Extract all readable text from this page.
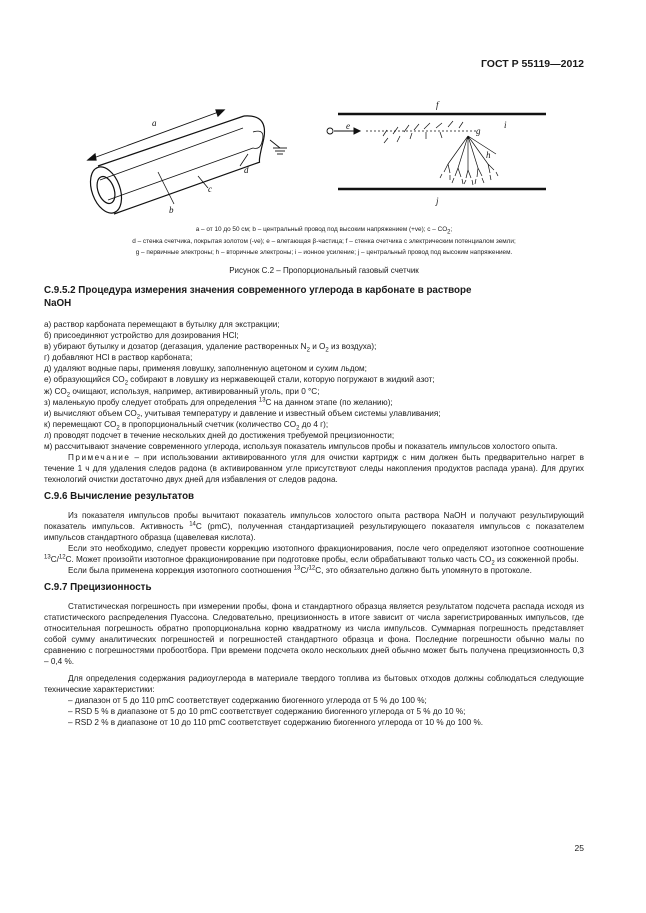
ГОСТ Р 55119—2012
a
b
c
d
f
e	g
h
i
j
a – от 10 до 50 см; b – центральный провод под высоким напряжением (+ve); c – $CO_2$;
d – стенка счетчика, покрытая золотом (-ve); e – влетающая β-частица; f – стенка счетчика с электрическим потенциалом земли;
g – первичные электроны; h – вторичные электроны; i – ионное усиление; j – центральный провод под высоким напряжением.
Рисунок С.2 – Пропорциональный газовый счетчик

С.9.5.2 Процедура измерения значения современного углерода в карбонате в растворе
NaOH

а) раствор карбоната перемещают в бутылку для экстракции;

б) присоединяют устройство для дозирования HCl;

в) убирают бутылку и дозатор (дегазация, удаление растворенных $N_2$ и $O_2$ из воздуха);

г) добавляют HCl в раствор карбоната;

д) удаляют водные пары, применяя ловушку, заполненную ацетоном и сухим льдом;

е) образующийся $CO_2$ собирают в ловушку из нержавеющей стали, которую погружают в жидкий азот;

ж) $CO_2$ очищают, используя, например, активированный уголь, при 0 °С;

з) маленькую пробу следует отобрать для определения $^{13}$С на данном этапе (по желанию);

и) вычисляют объем $CO_2$, учитывая температуру и давление и известный объем системы улавливания;

к) перемещают $CO_2$ в пропорциональный счетчик (количество $CO_2$ до 4 г);

л) проводят подсчет в течение нескольких дней до достижения требуемой прецизионности;

м) рассчитывают значение современного углерода, используя показатель импульсов пробы и показатель импульсов холостого опыта.

Примечание – при использовании активированного угля для очистки картридж с ним должен быть предварительно нагрет в течение 1 ч для удаления следов радона (в активированном угле присутствуют следы накопления продуктов распада урана). Для других технологий очистки достаточно двух дней для избавления от следов радона.

С.9.6 Вычисление результатов

Из показателя импульсов пробы вычитают показатель импульсов холостого опыта раствора NaOH и получают результирующий показатель импульсов. Активность $^{14}$С (pmC), полученная стандартизацией результирующего показателя импульсов с показателем импульсов стандартного образца (щавелевая кислота).

Если это необходимо, следует провести коррекцию изотопного фракционирования, после чего определяют изотопное соотношение $^{13}$С/$^{12}$С. Может произойти изотопное фракционирование при подготовке пробы, если обрабатывают только часть $CO_2$ из сожженной пробы.

Если была применена коррекция изотопного соотношения $^{13}$С/$^{12}$С, это обязательно должно быть упомянуто в протоколе.

С.9.7 Прецизионность

Статистическая погрешность при измерении пробы, фона и стандартного образца является результатом подсчета распада исходя из статистического распределения Пуассона. Следовательно, прецизионность в итоге зависит от числа зарегистрированных импульсов, где относительная погрешность обратно пропорциональна корню квадратному из числа импульсов. Суммарная погрешность представляет собой сумму аналитических погрешностей и погрешностей стандартного образца и фона. Последние погрешности обычно малы по сравнению с погрешностями пробоотбора. При времени подсчета около нескольких дней обычно может быть получена прецизионность 0,3 – 0,4 %.

Для определения содержания радиоуглерода в материале твердого топлива из бытовых отходов должны соблюдаться следующие технические характеристики:

– диапазон от 5 до 110 pmC соответствует содержанию биогенного углерода от 5 % до 100 %;

– RSD 5 % в диапазоне от 5 до 10 pmC соответствует содержанию биогенного углерода от 5 % до 10 %;

– RSD 2 % в диапазоне от 10 до 110 pmC соответствует содержанию биогенного углерода от 10 % до 100 %.

25
